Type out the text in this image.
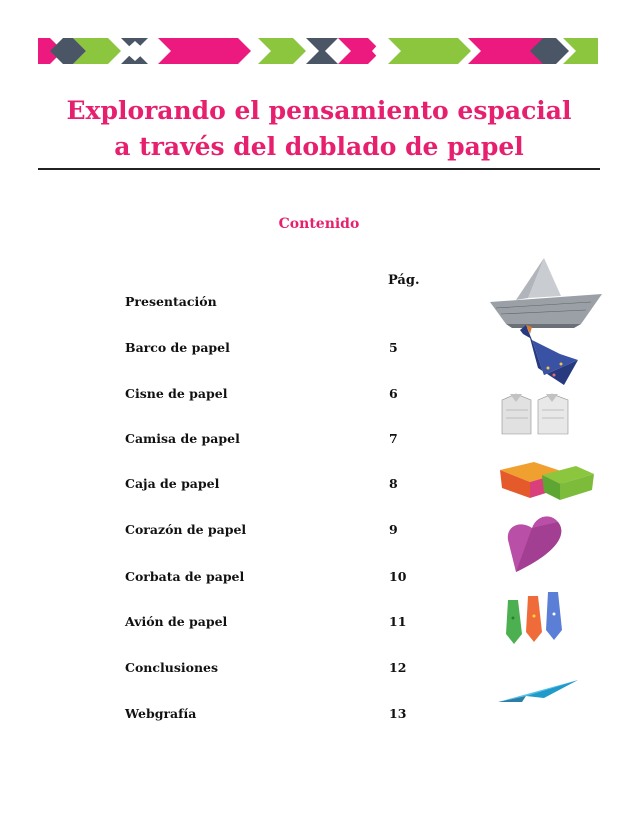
Explorando el pensamiento espacial
a través del doblado de papel
Contenido
Pág.
Presentación
Barco de papel	5
Cisne de papel	6
Camisa de papel	7
Caja de papel	8
Corazón de papel	9
Corbata de papel	10
Avión de papel	11
Conclusiones	12
Webgrafía	13
